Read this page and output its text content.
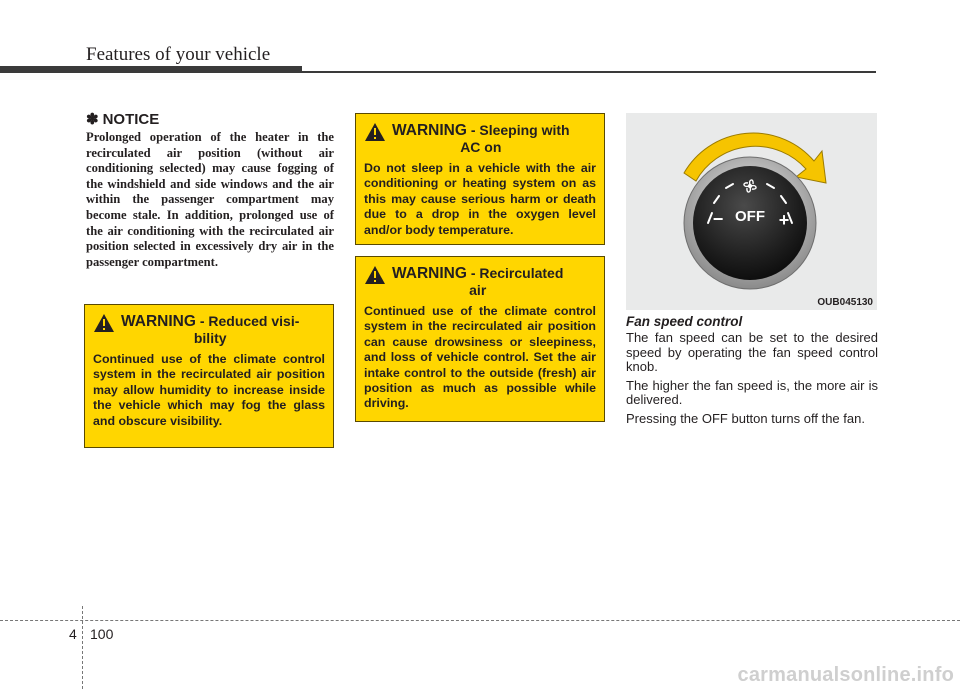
Features of your vehicle
✽ NOTICE

Prolonged operation of the heater in the recirculated air position (without air conditioning selected) may cause fogging of the windshield and side windows and the air within the passenger compartment may become stale. In addition, prolonged use of the air conditioning with the recirculated air position selected in excessively dry air in the passenger compartment.

WARNING - Reduced visi-
bility

Continued use of the climate control system in the recirculated air position may allow humidity to increase inside the vehicle which may fog the glass and obscure visibility.

WARNING - Sleeping with
AC on

Do not sleep in a vehicle with the air conditioning or heating system on as this may cause serious harm or death due to a drop in the oxygen level and/or body temperature.

WARNING - Recirculated
air

Continued use of the climate control system in the recirculated air position can cause drowsiness or sleepiness, and loss of vehicle control. Set the air intake control to the outside (fresh) air position as much as possible while driving.

OFF
−	+
OUB045130

Fan speed control

The fan speed can be set to the desired speed by operating the fan speed control knob.

The higher the fan speed is, the more air is delivered.

Pressing the OFF button turns off the fan.

4 100
carmanualsonline.info
